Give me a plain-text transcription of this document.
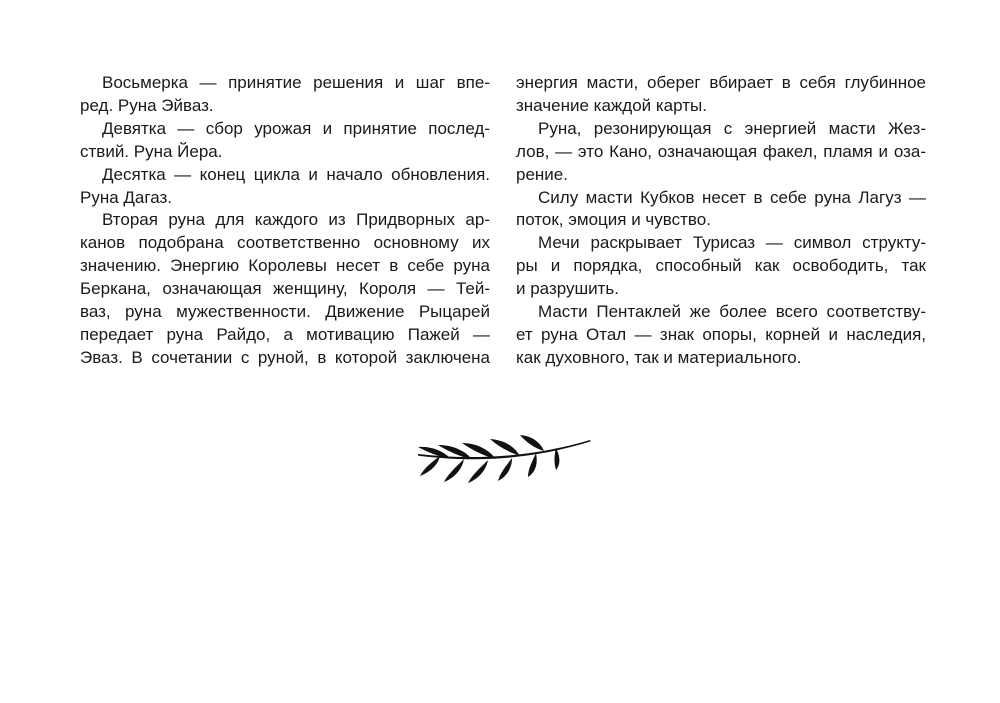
Восьмерка — принятие решения и шаг впе-
ред. Руна Эйваз.
Девятка — сбор урожая и принятие послед-
ствий. Руна Йера.
Десятка — конец цикла и начало обновления.
Руна Дагаз.
Вторая руна для каждого из Придворных ар-
канов подобрана соответственно основному их
значению. Энергию Королевы несет в себе руна
Беркана, означающая женщину, Короля — Тей-
ваз, руна мужественности. Движение Рыцарей
передает руна Райдо, а мотивацию Пажей —
Эваз. В сочетании с руной, в которой заключена
энергия масти, оберег вбирает в себя глубинное
значение каждой карты.
Руна, резонирующая с энергией масти Жез-
лов, — это Кано, означающая факел, пламя и оза-
рение.
Силу масти Кубков несет в себе руна Лагуз —
поток, эмоция и чувство.
Мечи раскрывает Турисаз — символ структу-
ры и порядка, способный как освободить, так
и разрушить.
Масти Пентаклей же более всего соответству-
ет руна Отал — знак опоры, корней и наследия,
как духовного, так и материального.
